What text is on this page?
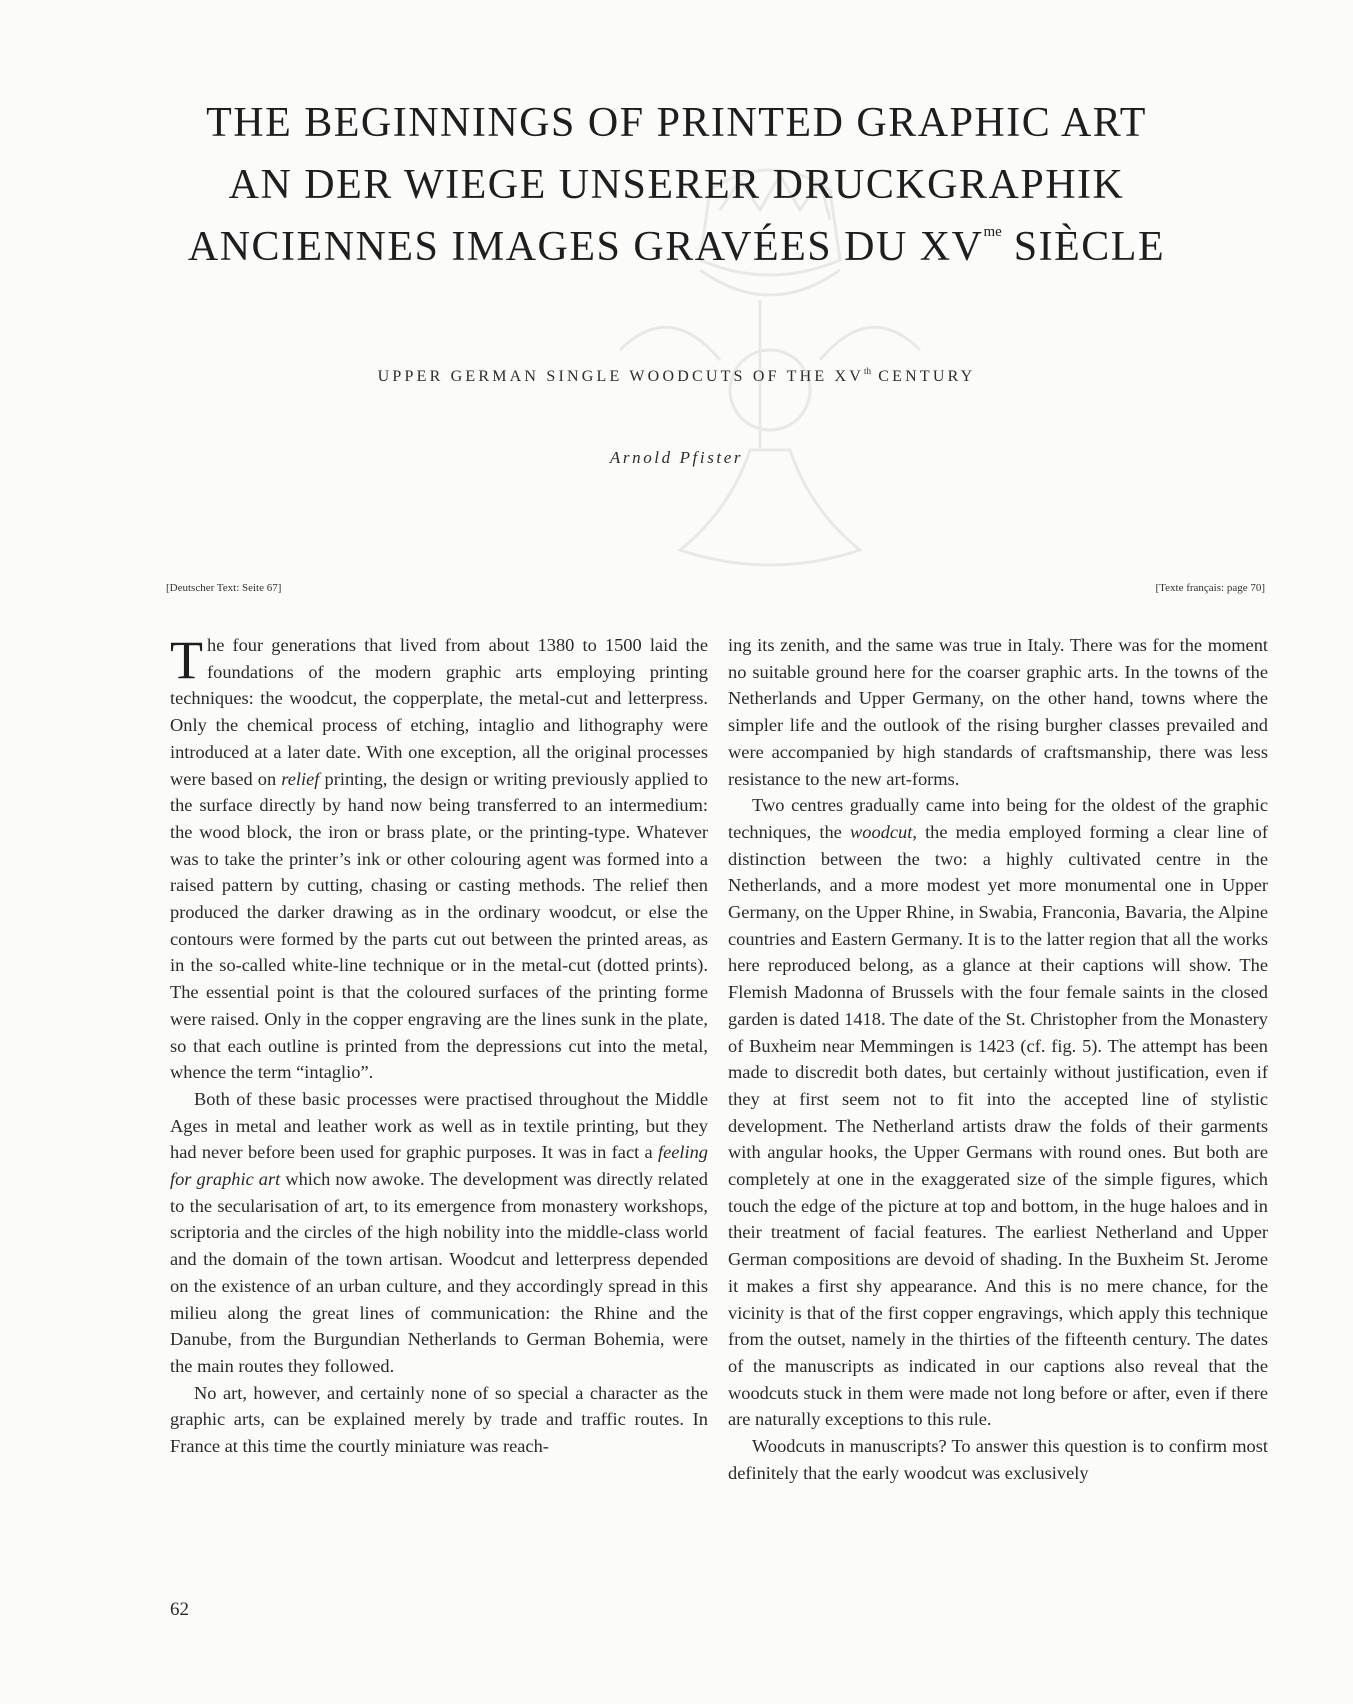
THE BEGINNINGS OF PRINTED GRAPHIC ART
AN DER WIEGE UNSERER DRUCKGRAPHIK
ANCIENNES IMAGES GRAVÉES DU $XV^{me}$ SIÈCLE
UPPER GERMAN SINGLE WOODCUTS OF THE XVth CENTURY
Arnold Pfister
[Deutscher Text: Seite 67]	[Texte français: page 70]

The four generations that lived from about 1380 to 1500 laid the foundations of the modern graphic arts employing printing techniques: the woodcut, the copperplate, the metal-cut and letterpress. Only the chemical process of etching, intaglio and lithography were introduced at a later date. With one exception, all the original processes were based on relief printing, the design or writing previously applied to the surface directly by hand now being transferred to an intermedium: the wood block, the iron or brass plate, or the printing-type. Whatever was to take the printer’s ink or other colouring agent was formed into a raised pattern by cutting, chasing or casting methods. The relief then produced the darker drawing as in the ordinary woodcut, or else the contours were formed by the parts cut out between the printed areas, as in the so-called white-line technique or in the metal-cut (dotted prints). The essential point is that the coloured surfaces of the printing forme were raised. Only in the copper engraving are the lines sunk in the plate, so that each outline is printed from the depressions cut into the metal, whence the term “intaglio”.

Both of these basic processes were practised throughout the Middle Ages in metal and leather work as well as in textile printing, but they had never before been used for graphic purposes. It was in fact a feeling for graphic art which now awoke. The development was directly related to the secularisation of art, to its emergence from monastery workshops, scriptoria and the circles of the high nobility into the middle-class world and the domain of the town artisan. Woodcut and letterpress depended on the existence of an urban culture, and they accordingly spread in this milieu along the great lines of communication: the Rhine and the Danube, from the Burgundian Netherlands to German Bohemia, were the main routes they followed.

No art, however, and certainly none of so special a character as the graphic arts, can be explained merely by trade and traffic routes. In France at this time the courtly miniature was reach-

ing its zenith, and the same was true in Italy. There was for the moment no suitable ground here for the coarser graphic arts. In the towns of the Netherlands and Upper Germany, on the other hand, towns where the simpler life and the outlook of the rising burgher classes prevailed and were accompanied by high standards of craftsmanship, there was less resistance to the new art-forms.

Two centres gradually came into being for the oldest of the graphic techniques, the woodcut, the media employed forming a clear line of distinction between the two: a highly cultivated centre in the Netherlands, and a more modest yet more monumental one in Upper Germany, on the Upper Rhine, in Swabia, Franconia, Bavaria, the Alpine countries and Eastern Germany. It is to the latter region that all the works here reproduced belong, as a glance at their captions will show. The Flemish Madonna of Brussels with the four female saints in the closed garden is dated 1418. The date of the St. Christopher from the Monastery of Buxheim near Memmingen is 1423 (cf. fig. 5). The attempt has been made to discredit both dates, but certainly without justification, even if they at first seem not to fit into the accepted line of stylistic development. The Netherland artists draw the folds of their garments with angular hooks, the Upper Germans with round ones. But both are completely at one in the exaggerated size of the simple figures, which touch the edge of the picture at top and bottom, in the huge haloes and in their treatment of facial features. The earliest Netherland and Upper German compositions are devoid of shading. In the Buxheim St. Jerome it makes a first shy appearance. And this is no mere chance, for the vicinity is that of the first copper engravings, which apply this technique from the outset, namely in the thirties of the fifteenth century. The dates of the manuscripts as indicated in our captions also reveal that the woodcuts stuck in them were made not long before or after, even if there are naturally exceptions to this rule.

Woodcuts in manuscripts? To answer this question is to confirm most definitely that the early woodcut was exclusively

62
